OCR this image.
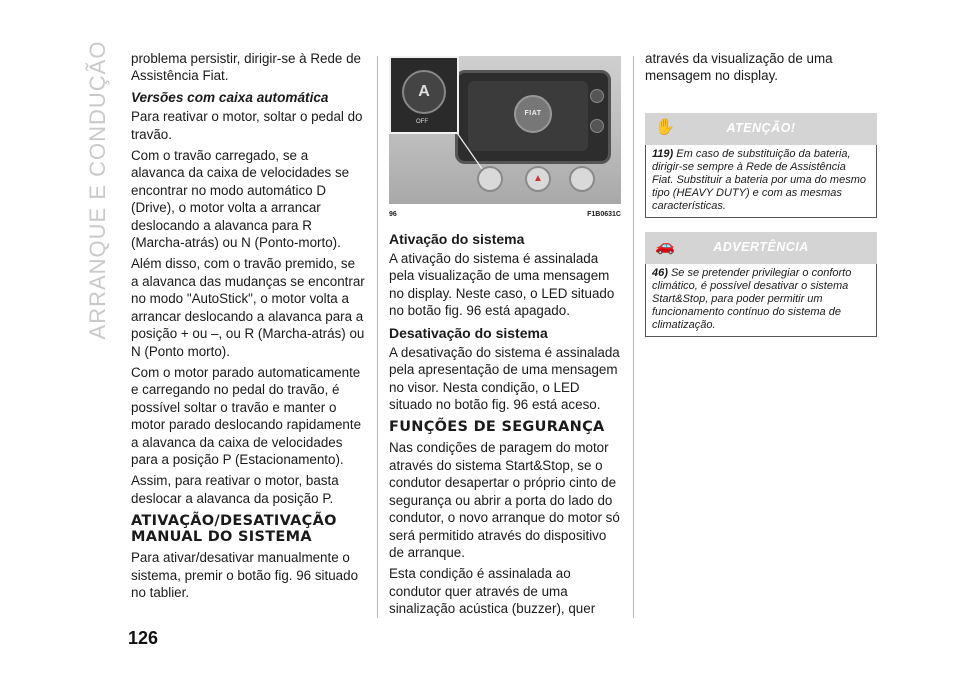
ARRANQUE E CONDUÇÃO
126

problema persistir, dirigir-se à Rede de Assistência Fiat.

Versões com caixa automática

Para reativar o motor, soltar o pedal do travão.

Com o travão carregado, se a alavanca da caixa de velocidades se encontrar no modo automático D (Drive), o motor volta a arrancar deslocando a alavanca para R (Marcha-atrás) ou N (Ponto-morto).

Além disso, com o travão premido, se a alavanca das mudanças se encontrar no modo "AutoStick", o motor volta a arrancar deslocando a alavanca para a posição + ou –, ou R (Marcha-atrás) ou N (Ponto morto).

Com o motor parado automaticamente e carregando no pedal do travão, é possível soltar o travão e manter o motor parado deslocando rapidamente a alavanca da caixa de velocidades para a posição P (Estacionamento).

Assim, para reativar o motor, basta deslocar a alavanca da posição P.

ATIVAÇÃO/DESATIVAÇÃO MANUAL DO SISTEMA

Para ativar/desativar manualmente o sistema, premir o botão fig. 96 situado no tablier.

FIAT
A
OFF
▲
96	F1B0631C
Ativação do sistema

A ativação do sistema é assinalada pela visualização de uma mensagem no display. Neste caso, o LED situado no botão fig. 96 está apagado.

Desativação do sistema

A desativação do sistema é assinalada pela apresentação de uma mensagem no visor. Nesta condição, o LED situado no botão fig. 96 está aceso.

FUNÇÕES DE SEGURANÇA

Nas condições de paragem do motor através do sistema Start&Stop, se o condutor desapertar o próprio cinto de segurança ou abrir a porta do lado do condutor, o novo arranque do motor só será permitido através do dispositivo de arranque.

Esta condição é assinalada ao condutor quer através de uma sinalização acústica (buzzer), quer

através da visualização de uma mensagem no display.

✋	ATENÇÃO!
119) Em caso de substituição da bateria, dirigir-se sempre à Rede de Assistência Fiat. Substituir a bateria por uma do mesmo tipo (HEAVY DUTY) e com as mesmas características.
🚗	ADVERTÊNCIA
46) Se se pretender privilegiar o conforto climático, é possível desativar o sistema Start&Stop, para poder permitir um funcionamento contínuo do sistema de climatização.
